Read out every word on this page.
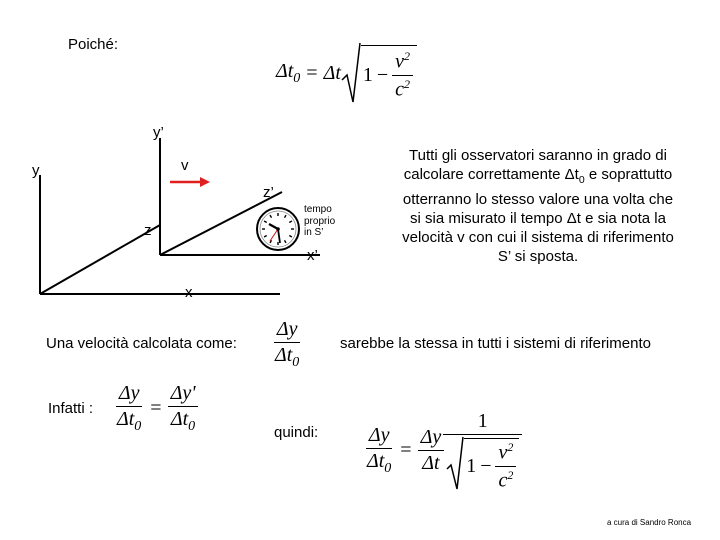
Poiché:
$\Delta t_0 = \Delta t$ $1 - \frac{v^2}{c^2}$
y
y’
v
z’
z
x’
x
tempo
proprio
in S’
Tutti gli osservatori saranno in grado di
calcolare correttamente $\Delta t_0$ e soprattutto
otterranno lo stesso valore una volta che
si sia misurato il tempo Δt e sia nota la
velocità v con cui il sistema di riferimento
S’ si sposta.
Una velocità calcolata come: $\frac{\Delta y}{\Delta t_0}$	sarebbe la stessa in tutti i sistemi di riferimento
Infatti : $\frac{\Delta y}{\Delta t_0} = \frac{\Delta y'}{\Delta t_0}$	quindi: $\frac{\Delta y}{\Delta t_0} = \frac{\Delta y}{\Delta t} \frac{1}{1 - \frac{v^2}{c^2}}$
a cura di Sandro Ronca
